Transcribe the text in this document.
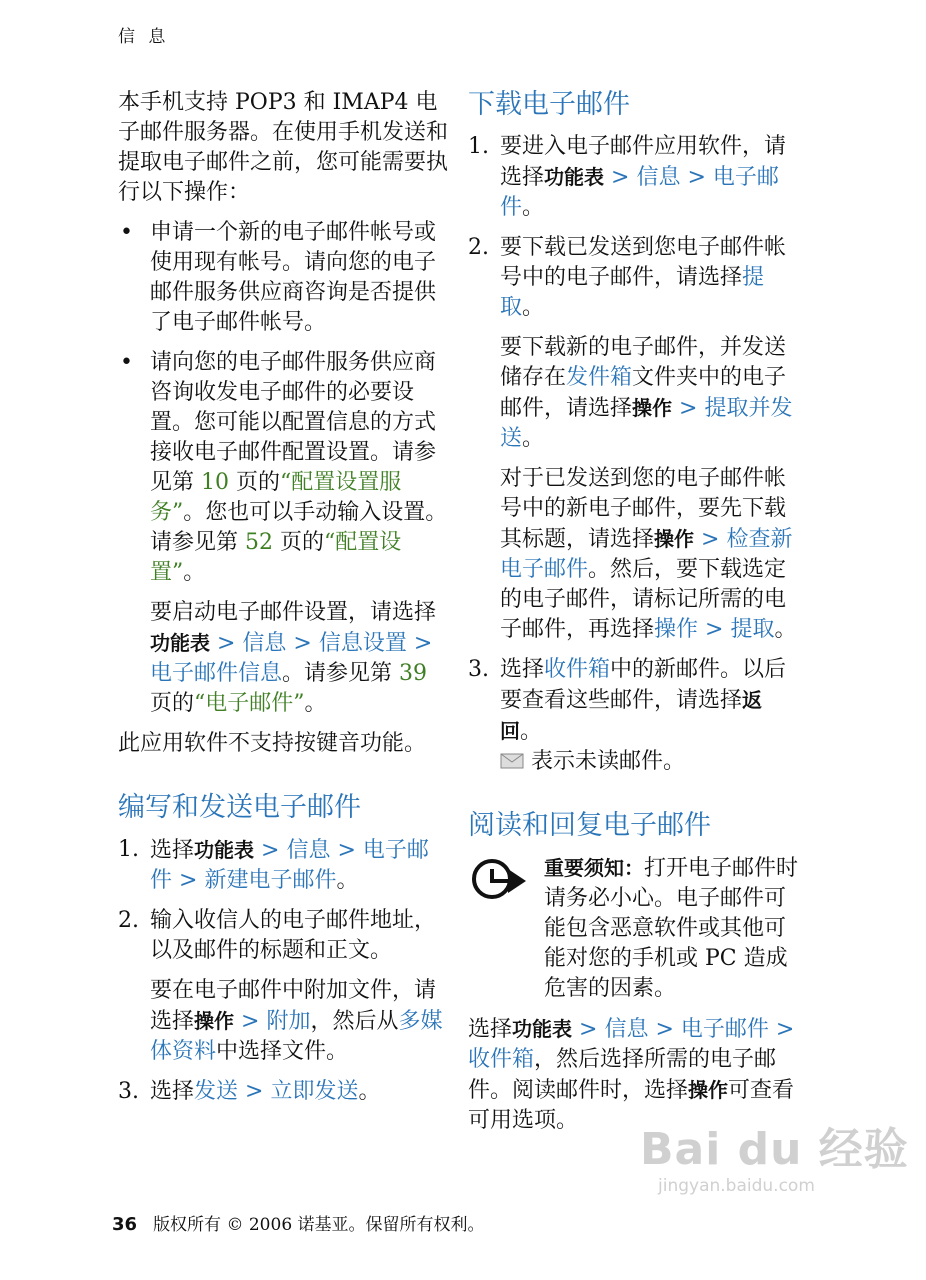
信 息

本手机支持 POP3 和 IMAP4 电子邮件服务器。在使用手机发送和提取电子邮件之前，您可能需要执行以下操作：

• 申请一个新的电子邮件帐号或使用现有帐号。请向您的电子邮件服务供应商咨询是否提供了电子邮件帐号。
• 请向您的电子邮件服务供应商咨询收发电子邮件的必要设置。您可能以配置信息的方式接收电子邮件配置设置。请参见第 10 页的“配置设置服务”。您也可以手动输入设置。请参见第 52 页的“配置设置”。
要启动电子邮件设置，请选择功能表 > 信息 > 信息设置 > 电子邮件信息。请参见第 39 页的“电子邮件”。

此应用软件不支持按键音功能。

编写和发送电子邮件
1. 选择功能表 > 信息 > 电子邮件 > 新建电子邮件。
2. 输入收信人的电子邮件地址，以及邮件的标题和正文。
要在电子邮件中附加文件，请选择操作 > 附加，然后从多媒体资料中选择文件。
3. 选择发送 > 立即发送。
下载电子邮件
1. 要进入电子邮件应用软件，请选择功能表 > 信息 > 电子邮件。
2. 要下载已发送到您电子邮件帐号中的电子邮件，请选择提取。
要下载新的电子邮件，并发送储存在发件箱文件夹中的电子邮件，请选择操作 > 提取并发送。
对于已发送到您的电子邮件帐号中的新电子邮件，要先下载其标题，请选择操作 > 检查新电子邮件。然后，要下载选定的电子邮件，请标记所需的电子邮件，再选择操作 > 提取。
3. 选择收件箱中的新邮件。以后要查看这些邮件，请选择返回。
表示未读邮件。
阅读和回复电子邮件
重要须知：打开电子邮件时请务必小心。电子邮件可能包含恶意软件或其他可能对您的手机或 PC 造成危害的因素。

选择功能表 > 信息 > 电子邮件 > 收件箱，然后选择所需的电子邮件。阅读邮件时，选择操作可查看可用选项。

36 版权所有 © 2006 诺基亚。保留所有权利。
Bai du 经验
jingyan.baidu.com
